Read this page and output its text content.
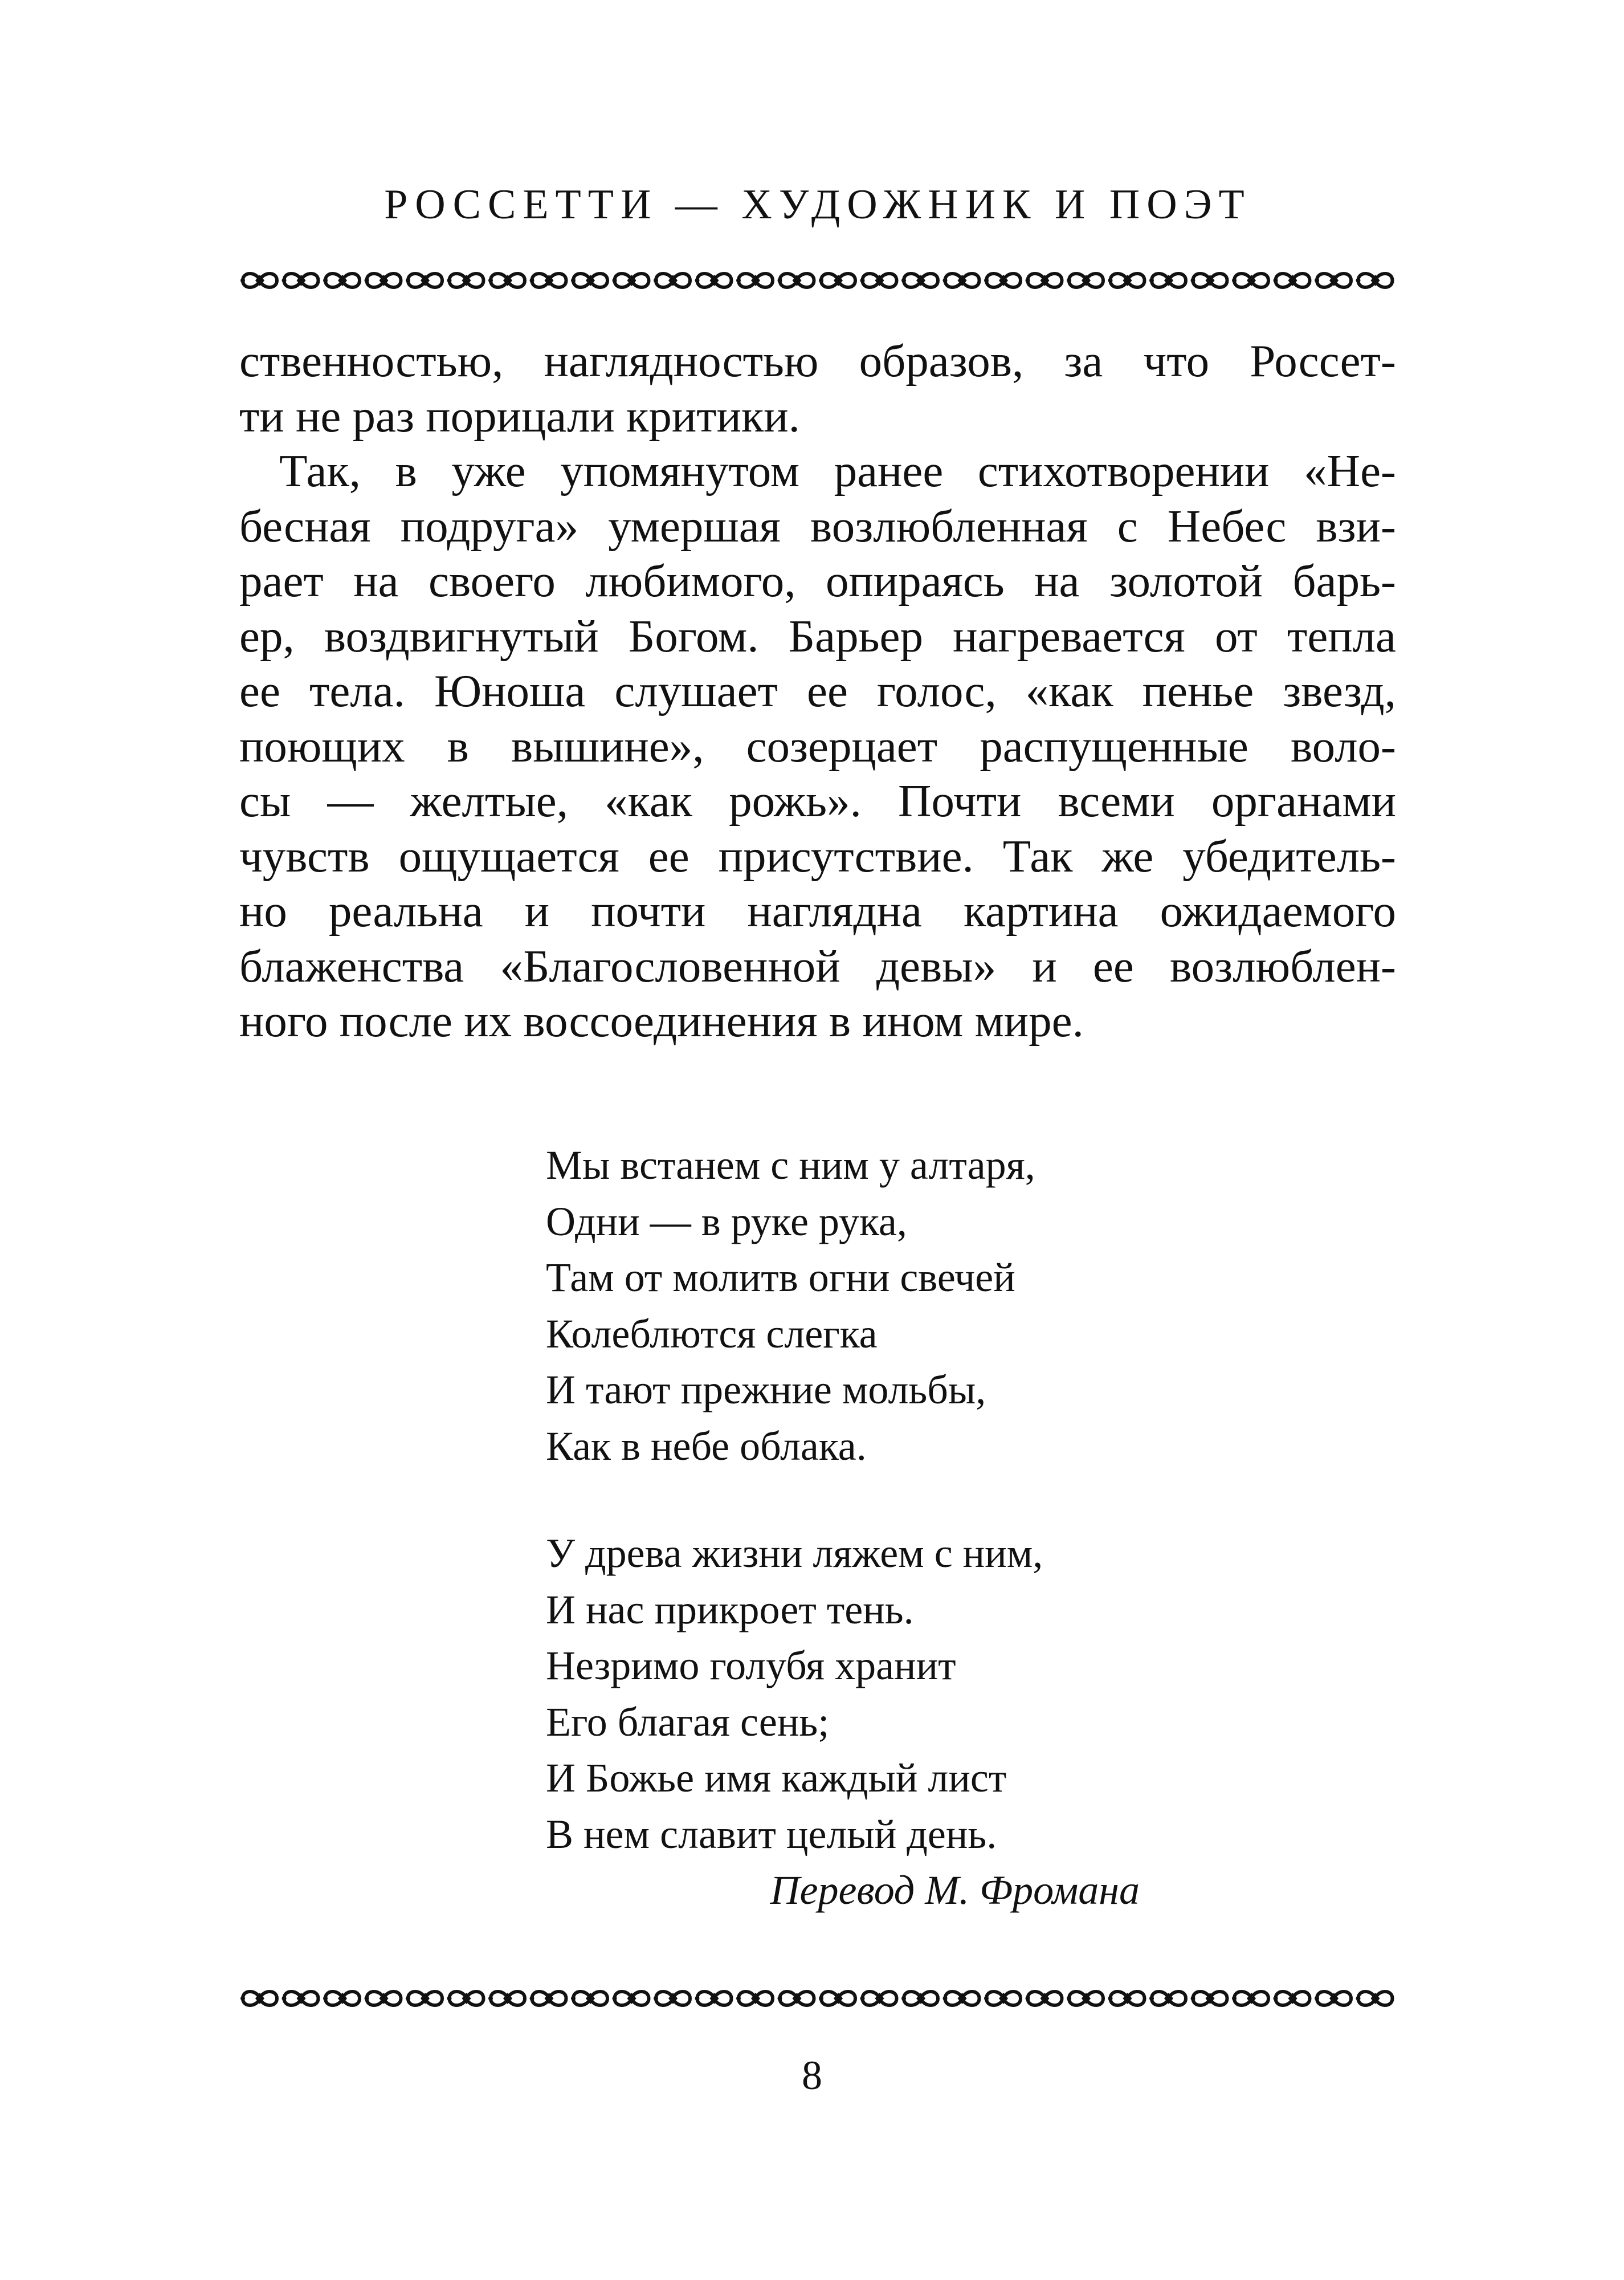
РОССЕТТИ — ХУДОЖНИК И ПОЭТ
ственностью, наглядностью образов, за что Россет-
ти не раз порицали критики.
Так, в уже упомянутом ранее стихотворении «Не-
бесная подруга» умершая возлюбленная с Небес взи-
рает на своего любимого, опираясь на золотой барь-
ер, воздвигнутый Богом. Барьер нагревается от тепла
ее тела. Юноша слушает ее голос, «как пенье звезд,
поющих в вышине», созерцает распущенные воло-
сы — желтые, «как рожь». Почти всеми органами
чувств ощущается ее присутствие. Так же убедитель-
но реальна и почти наглядна картина ожидаемого
блаженства «Благословенной девы» и ее возлюблен-
ного после их воссоединения в ином мире.
Мы встанем с ним у алтаря,
Одни — в руке рука,
Там от молитв огни свечей
Колеблются слегка
И тают прежние мольбы,
Как в небе облака.
У древа жизни ляжем с ним,
И нас прикроет тень.
Незримо голубя хранит
Его благая сень;
И Божье имя каждый лист
В нем славит целый день.
Перевод М. Фромана
8
